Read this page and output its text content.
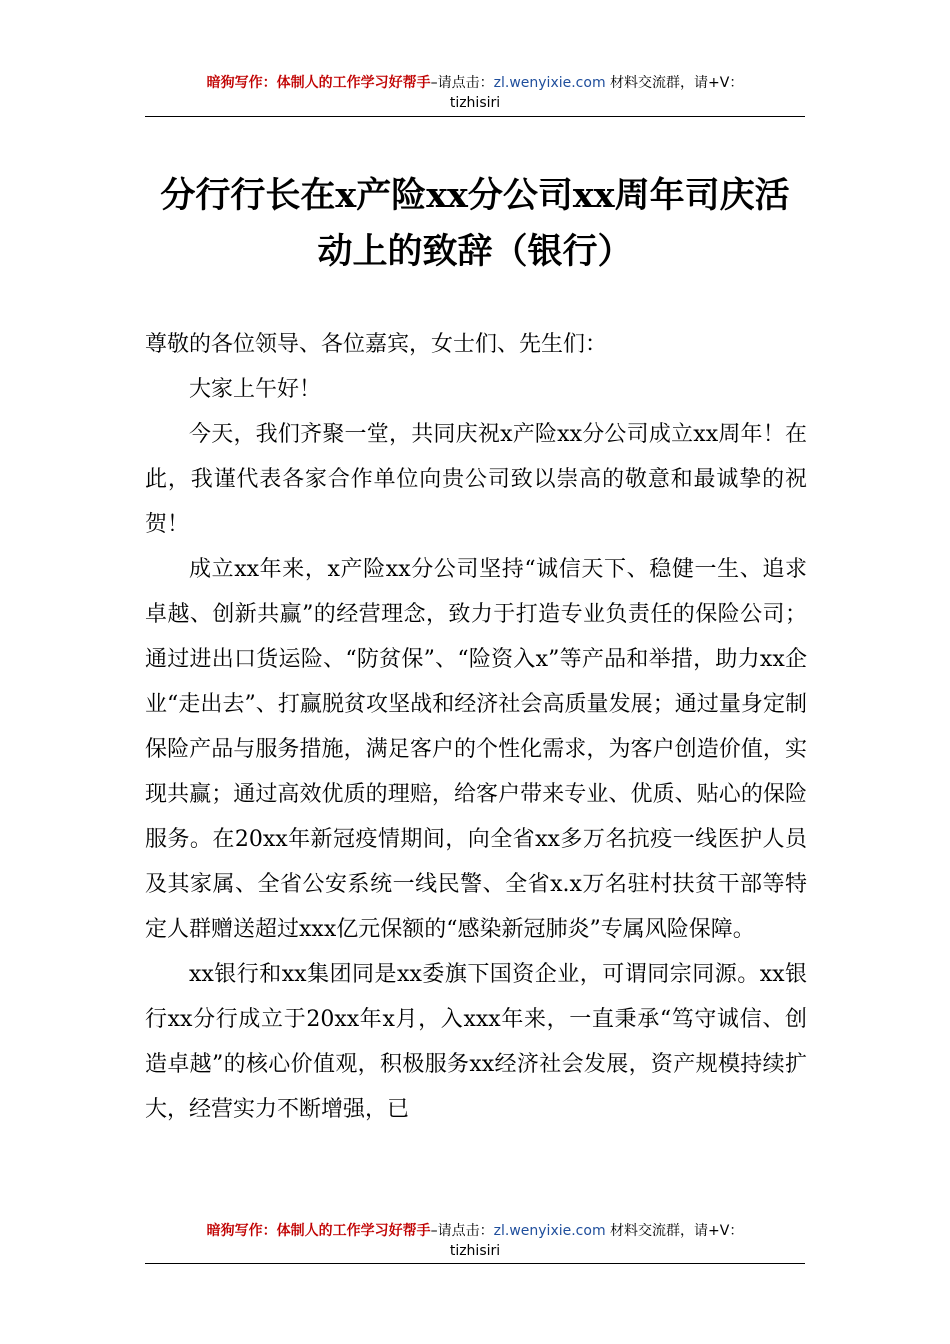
暗狗写作：体制人的工作学习好帮手–请点击：zl.wenyixie.com 材料交流群，请+V：
tizhisiri
分行行长在x产险xx分公司xx周年司庆活动上的致辞（银行）

尊敬的各位领导、各位嘉宾，女士们、先生们：

大家上午好！

今天，我们齐聚一堂，共同庆祝x产险xx分公司成立xx周年！在此，我谨代表各家合作单位向贵公司致以崇高的敬意和最诚挚的祝贺！

成立xx年来，x产险xx分公司坚持“诚信天下、稳健一生、追求卓越、创新共赢”的经营理念，致力于打造专业负责任的保险公司；通过进出口货运险、“防贫保”、“险资入x”等产品和举措，助力xx企业“走出去”、打赢脱贫攻坚战和经济社会高质量发展；通过量身定制保险产品与服务措施，满足客户的个性化需求，为客户创造价值，实现共赢；通过高效优质的理赔，给客户带来专业、优质、贴心的保险服务。在20xx年新冠疫情期间，向全省xx多万名抗疫一线医护人员及其家属、全省公安系统一线民警、全省x.x万名驻村扶贫干部等特定人群赠送超过xxx亿元保额的“感染新冠肺炎”专属风险保障。

xx银行和xx集团同是xx委旗下国资企业，可谓同宗同源。xx银行xx分行成立于20xx年x月，入xxx年来，一直秉承“笃守诚信、创造卓越”的核心价值观，积极服务xx经济社会发展，资产规模持续扩大，经营实力不断增强，已

暗狗写作：体制人的工作学习好帮手–请点击：zl.wenyixie.com 材料交流群，请+V：
tizhisiri
